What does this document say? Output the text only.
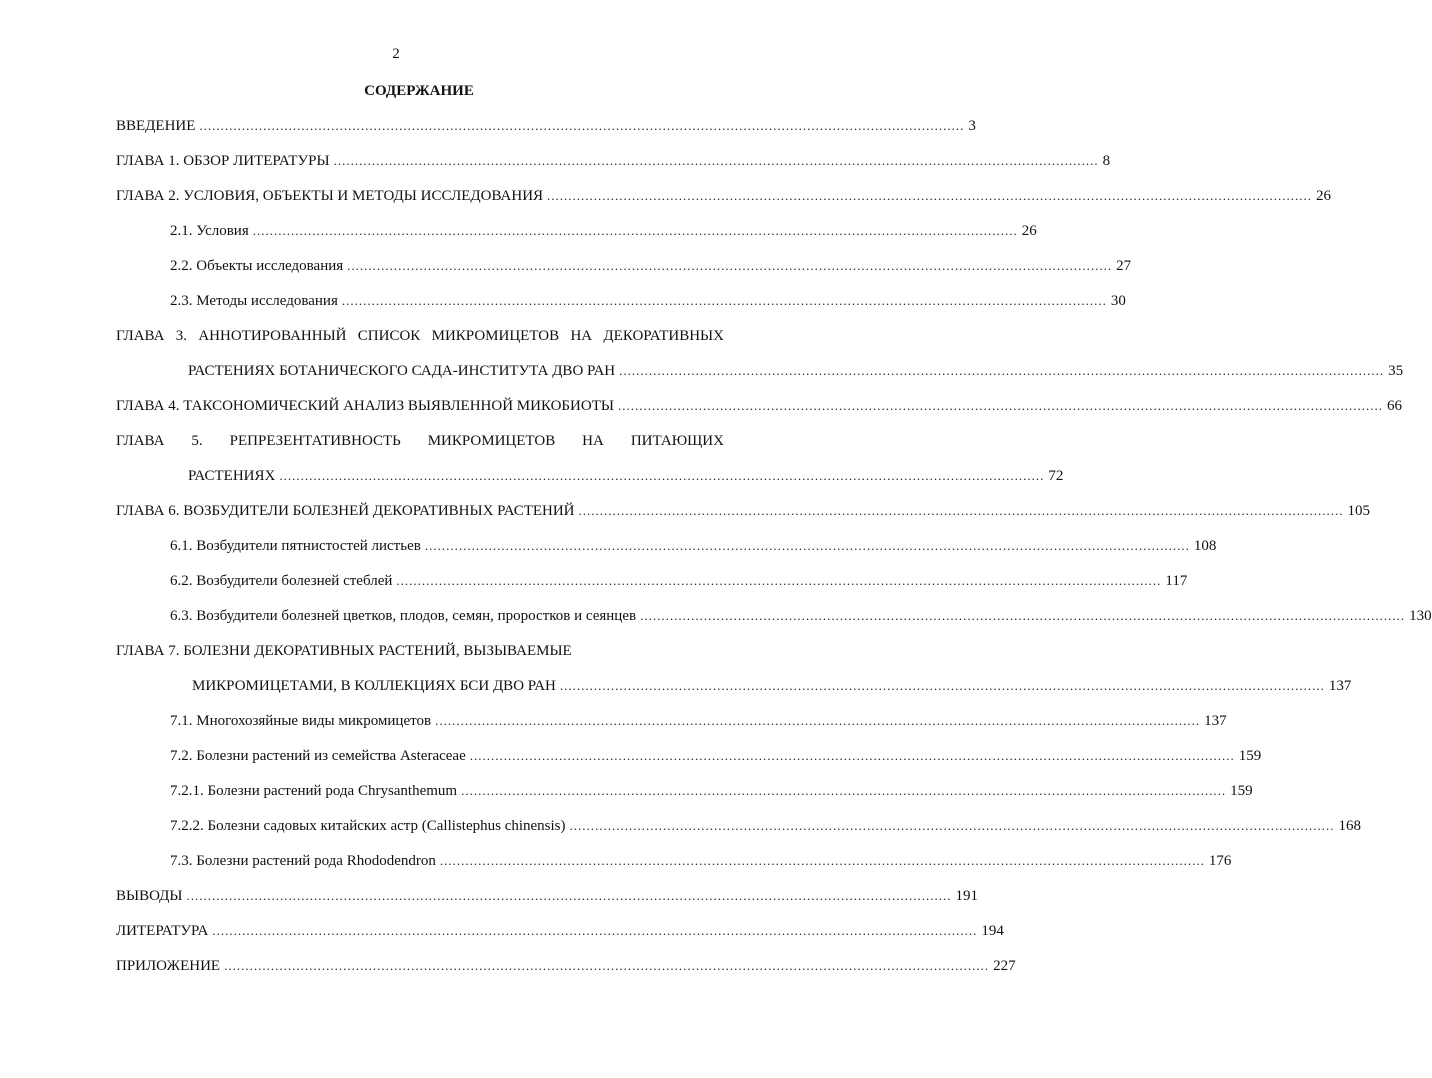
2
СОДЕРЖАНИЕ
ВВЕДЕНИЕ .................................................................................................................................................................................... 3
ГЛАВА 1. ОБЗОР ЛИТЕРАТУРЫ .................................................................................................................................................................................... 8
ГЛАВА 2. УСЛОВИЯ, ОБЪЕКТЫ И МЕТОДЫ ИССЛЕДОВАНИЯ .................................................................................................................................................................................... 26
2.1. Условия .................................................................................................................................................................................... 26
2.2. Объекты исследования .................................................................................................................................................................................... 27
2.3. Методы исследования .................................................................................................................................................................................... 30
ГЛАВА 3. АННОТИРОВАННЫЙ СПИСОК МИКРОМИЦЕТОВ НА ДЕКОРАТИВНЫХ
РАСТЕНИЯХ БОТАНИЧЕСКОГО САДА-ИНСТИТУТА ДВО РАН .................................................................................................................................................................................... 35
ГЛАВА 4. ТАКСОНОМИЧЕСКИЙ АНАЛИЗ ВЫЯВЛЕННОЙ МИКОБИОТЫ .................................................................................................................................................................................... 66
ГЛАВА 5. РЕПРЕЗЕНТАТИВНОСТЬ МИКРОМИЦЕТОВ НА ПИТАЮЩИХ
РАСТЕНИЯХ .................................................................................................................................................................................... 72
ГЛАВА 6. ВОЗБУДИТЕЛИ БОЛЕЗНЕЙ ДЕКОРАТИВНЫХ РАСТЕНИЙ .................................................................................................................................................................................... 105
6.1. Возбудители пятнистостей листьев .................................................................................................................................................................................... 108
6.2. Возбудители болезней стеблей .................................................................................................................................................................................... 117
6.3. Возбудители болезней цветков, плодов, семян, проростков и сеянцев .................................................................................................................................................................................... 130
ГЛАВА 7. БОЛЕЗНИ ДЕКОРАТИВНЫХ РАСТЕНИЙ, ВЫЗЫВАЕМЫЕ
МИКРОМИЦЕТАМИ, В КОЛЛЕКЦИЯХ БСИ ДВО РАН .................................................................................................................................................................................... 137
7.1. Многохозяйные виды микромицетов .................................................................................................................................................................................... 137
7.2. Болезни растений из семейства Asteraceae .................................................................................................................................................................................... 159
7.2.1. Болезни растений рода Chrysanthemum .................................................................................................................................................................................... 159
7.2.2. Болезни садовых китайских астр (Callistephus chinensis) .................................................................................................................................................................................... 168
7.3. Болезни растений рода Rhododendron .................................................................................................................................................................................... 176
ВЫВОДЫ .................................................................................................................................................................................... 191
ЛИТЕРАТУРА .................................................................................................................................................................................... 194
ПРИЛОЖЕНИЕ .................................................................................................................................................................................... 227
